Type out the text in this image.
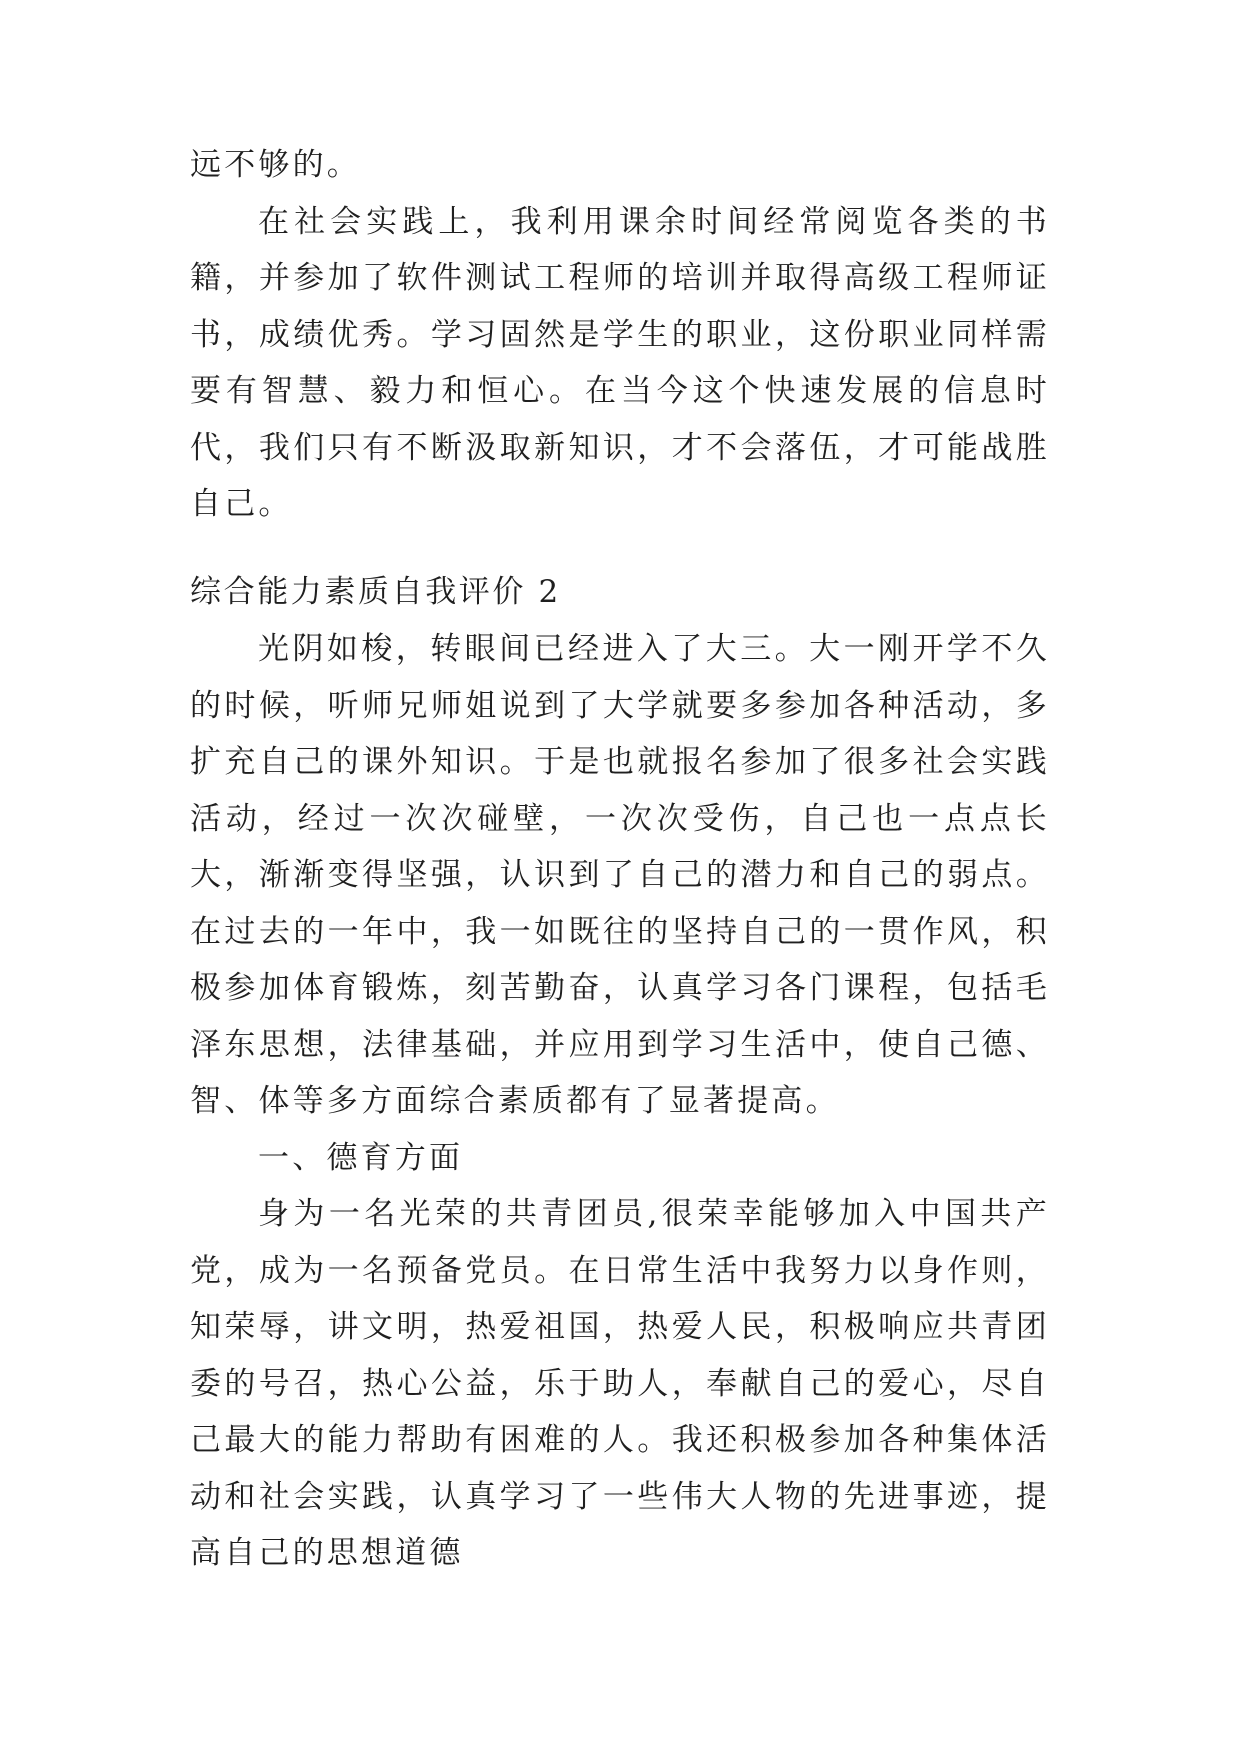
远不够的。

在社会实践上，我利用课余时间经常阅览各类的书籍，并参加了软件测试工程师的培训并取得高级工程师证书，成绩优秀。学习固然是学生的职业，这份职业同样需要有智慧、毅力和恒心。在当今这个快速发展的信息时代，我们只有不断汲取新知识，才不会落伍，才可能战胜自己。

综合能力素质自我评价 2

光阴如梭，转眼间已经进入了大三。大一刚开学不久的时候，听师兄师姐说到了大学就要多参加各种活动，多扩充自己的课外知识。于是也就报名参加了很多社会实践活动，经过一次次碰壁，一次次受伤，自己也一点点长大，渐渐变得坚强，认识到了自己的潜力和自己的弱点。在过去的一年中，我一如既往的坚持自己的一贯作风，积极参加体育锻炼，刻苦勤奋，认真学习各门课程，包括毛泽东思想，法律基础，并应用到学习生活中，使自己德、智、体等多方面综合素质都有了显著提高。

一、德育方面

身为一名光荣的共青团员,很荣幸能够加入中国共产党，成为一名预备党员。在日常生活中我努力以身作则，知荣辱，讲文明，热爱祖国，热爱人民，积极响应共青团委的号召，热心公益，乐于助人，奉献自己的爱心，尽自己最大的能力帮助有困难的人。我还积极参加各种集体活动和社会实践，认真学习了一些伟大人物的先进事迹，提高自己的思想道德
